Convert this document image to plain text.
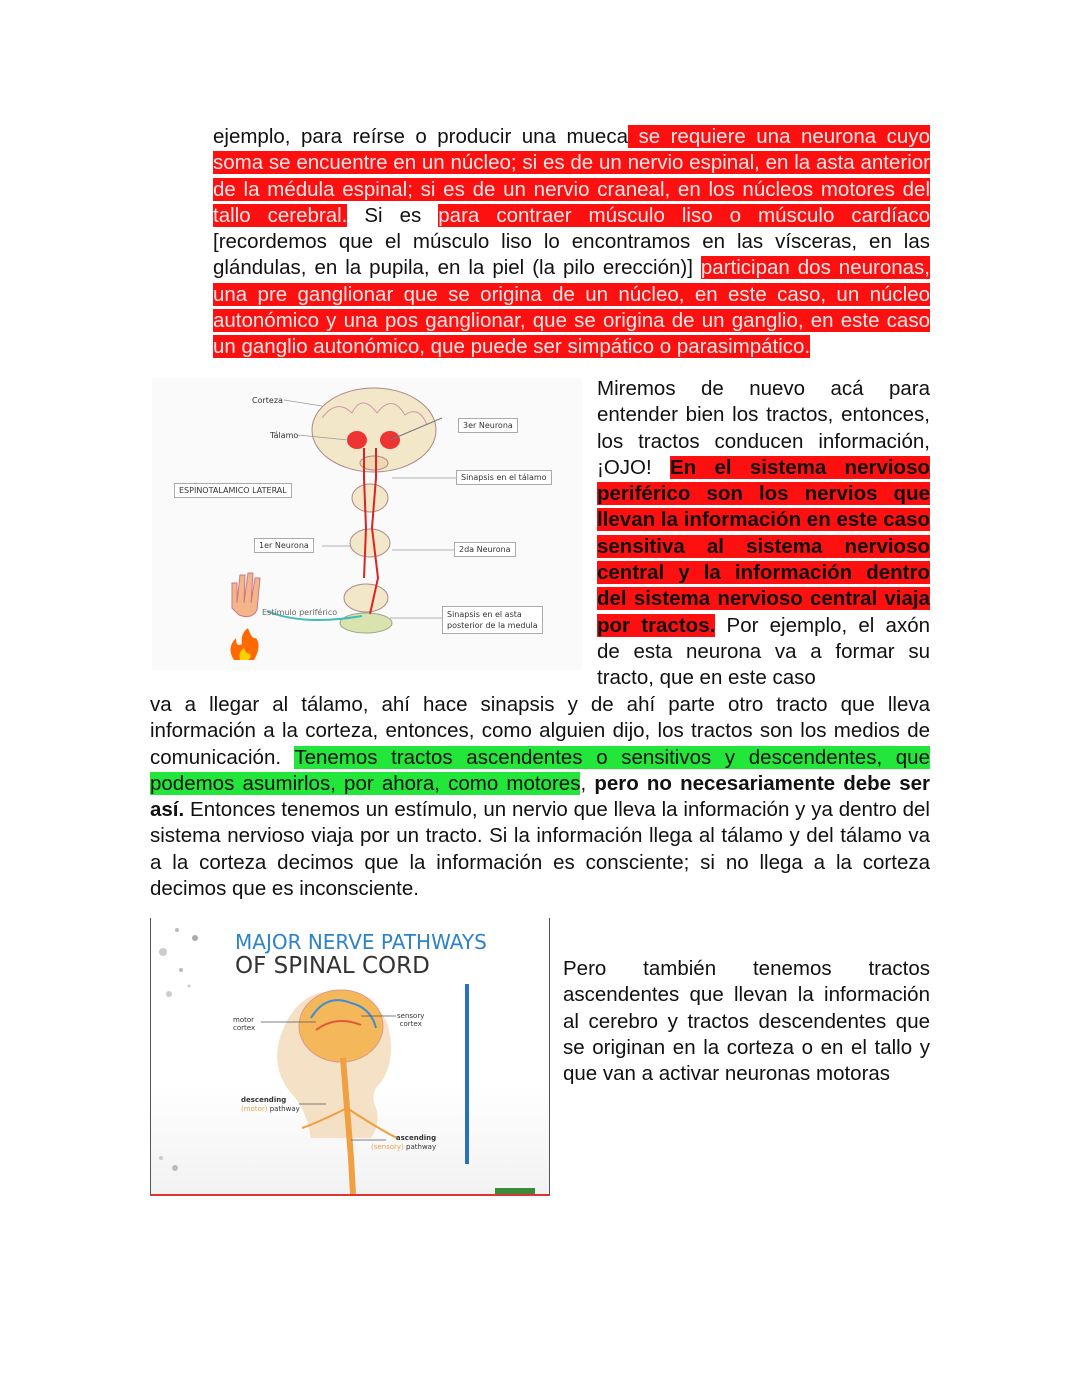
ejemplo, para reírse o producir una mueca se requiere una neurona cuyo soma se encuentre en un núcleo; si es de un nervio espinal, en la asta anterior de la médula espinal; si es de un nervio craneal, en los núcleos motores del tallo cerebral. Si es para contraer músculo liso o músculo cardíaco [recordemos que el músculo liso lo encontramos en las vísceras, en las glándulas, en la pupila, en la piel (la pilo erección)] participan dos neuronas, una pre ganglionar que se origina de un núcleo, en este caso, un núcleo autonómico y una pos ganglionar, que se origina de un ganglio, en este caso un ganglio autonómico, que puede ser simpático o parasimpático.

Corteza
Tálamo
ESPINOTALAMICO LATERAL
1er Neurona
Estímulo periférico
3er Neurona
Sinapsis en el tálamo
2da Neurona
Sinapsis en el asta
posterior de la medula

Miremos de nuevo acá para entender bien los tractos, entonces, los tractos conducen información, ¡OJO! En el sistema nervioso periférico son los nervios que llevan la información en este caso sensitiva al sistema nervioso central y la información dentro del sistema nervioso central viaja por tractos. Por ejemplo, el axón de esta neurona va a formar su tracto, que en este caso

va a llegar al tálamo, ahí hace sinapsis y de ahí parte otro tracto que lleva información a la corteza, entonces, como alguien dijo, los tractos son los medios de comunicación. Tenemos tractos ascendentes o sensitivos y descendentes, que podemos asumirlos, por ahora, como motores, pero no necesariamente debe ser así. Entonces tenemos un estímulo, un nervio que lleva la información y ya dentro del sistema nervioso viaja por un tracto. Si la información llega al tálamo y del tálamo va a la corteza decimos que la información es consciente; si no llega a la corteza decimos que es inconsciente.

MAJOR NERVE PATHWAYS
OF SPINAL CORD
motor
cortex
sensory
cortex
descending
(motor) pathway
ascending
(sensory) pathway

Pero también tenemos tractos ascendentes que llevan la información al cerebro y tractos descendentes que se originan en la corteza o en el tallo y que van a activar neuronas motoras
